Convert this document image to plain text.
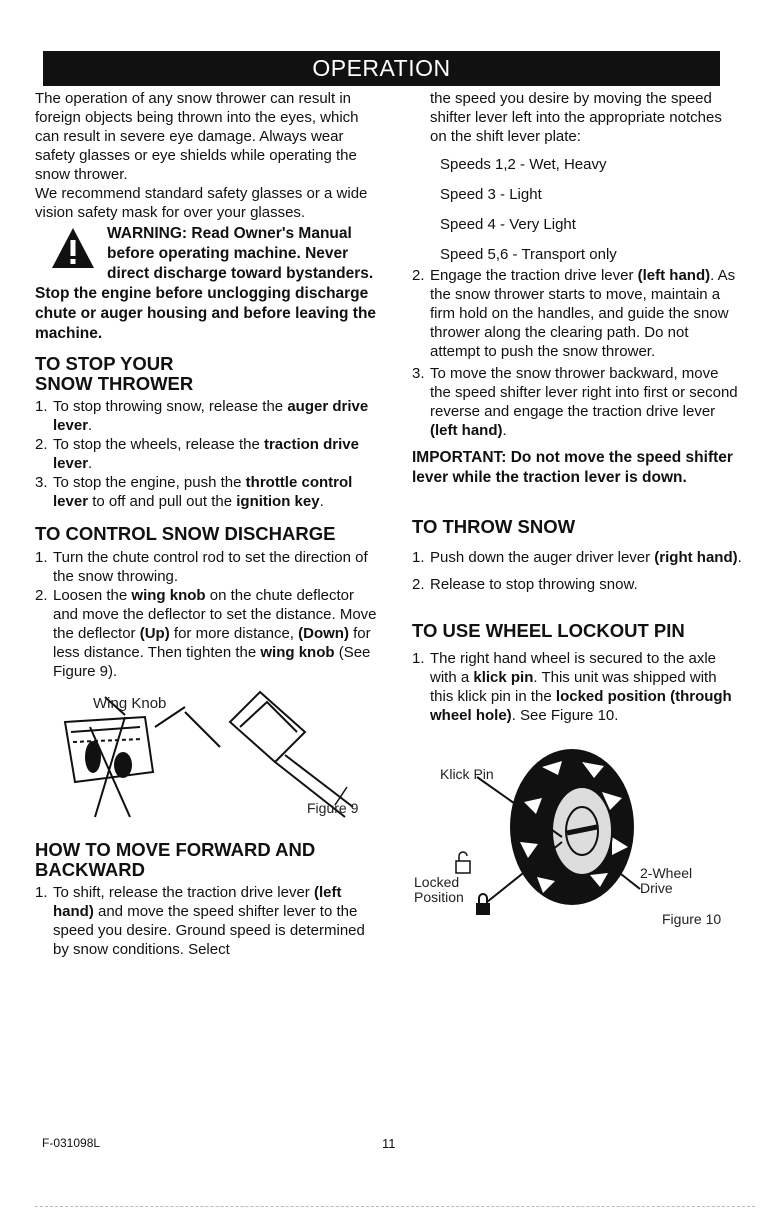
OPERATION

The operation of any snow thrower can result in foreign objects being thrown into the eyes, which can result in severe eye damage. Always wear safety glasses or eye shields while operating the snow thrower.

We recommend standard safety glasses or a wide vision safety mask for over your glasses.

WARNING: Read Owner's Manual before operating machine. Never direct discharge toward bystanders. Stop the engine before unclogging discharge chute or auger housing and before leaving the machine.
TO STOP YOUR
SNOW THROWER
1. To stop throwing snow, release the auger drive lever.
2. To stop the wheels, release the traction drive lever.
3. To stop the engine, push the throttle control lever to off and pull out the ignition key.
TO CONTROL SNOW DISCHARGE
1. Turn the chute control rod to set the direction of the snow throwing.
2. Loosen the wing knob on the chute deflector and move the deflector to set the distance. Move the deflector (Up) for more distance, (Down) for less distance. Then tighten the wing knob (See Figure 9).
Wing Knob
Figure 9
HOW TO MOVE FORWARD AND
BACKWARD
1. To shift, release the traction drive lever (left hand) and move the speed shifter lever to the speed you desire. Ground speed is determined by snow conditions. Select

the speed you desire by moving the speed shifter lever left into the appropriate notches on the shift lever plate:

Speeds 1,2 - Wet, Heavy

Speed 3 - Light

Speed 4 - Very Light

Speed 5,6 - Transport only

2. Engage the traction drive lever (left hand). As the snow thrower starts to move, maintain a firm hold on the handles, and guide the snow thrower along the clearing path. Do not attempt to push the snow thrower.
3. To move the snow thrower backward, move the speed shifter lever right into first or second reverse and engage the traction drive lever (left hand).

IMPORTANT: Do not move the speed shifter lever while the traction lever is down.

TO THROW SNOW
1. Push down the auger driver lever (right hand).
2. Release to stop throwing snow.
TO USE WHEEL LOCKOUT PIN
1. The right hand wheel is secured to the axle with a klick pin. This unit was shipped with this klick pin in the locked position (through wheel hole). See Figure 10.
Klick Pin
Locked
Position
2-Wheel
Drive
Figure 10
F-031098L	11
